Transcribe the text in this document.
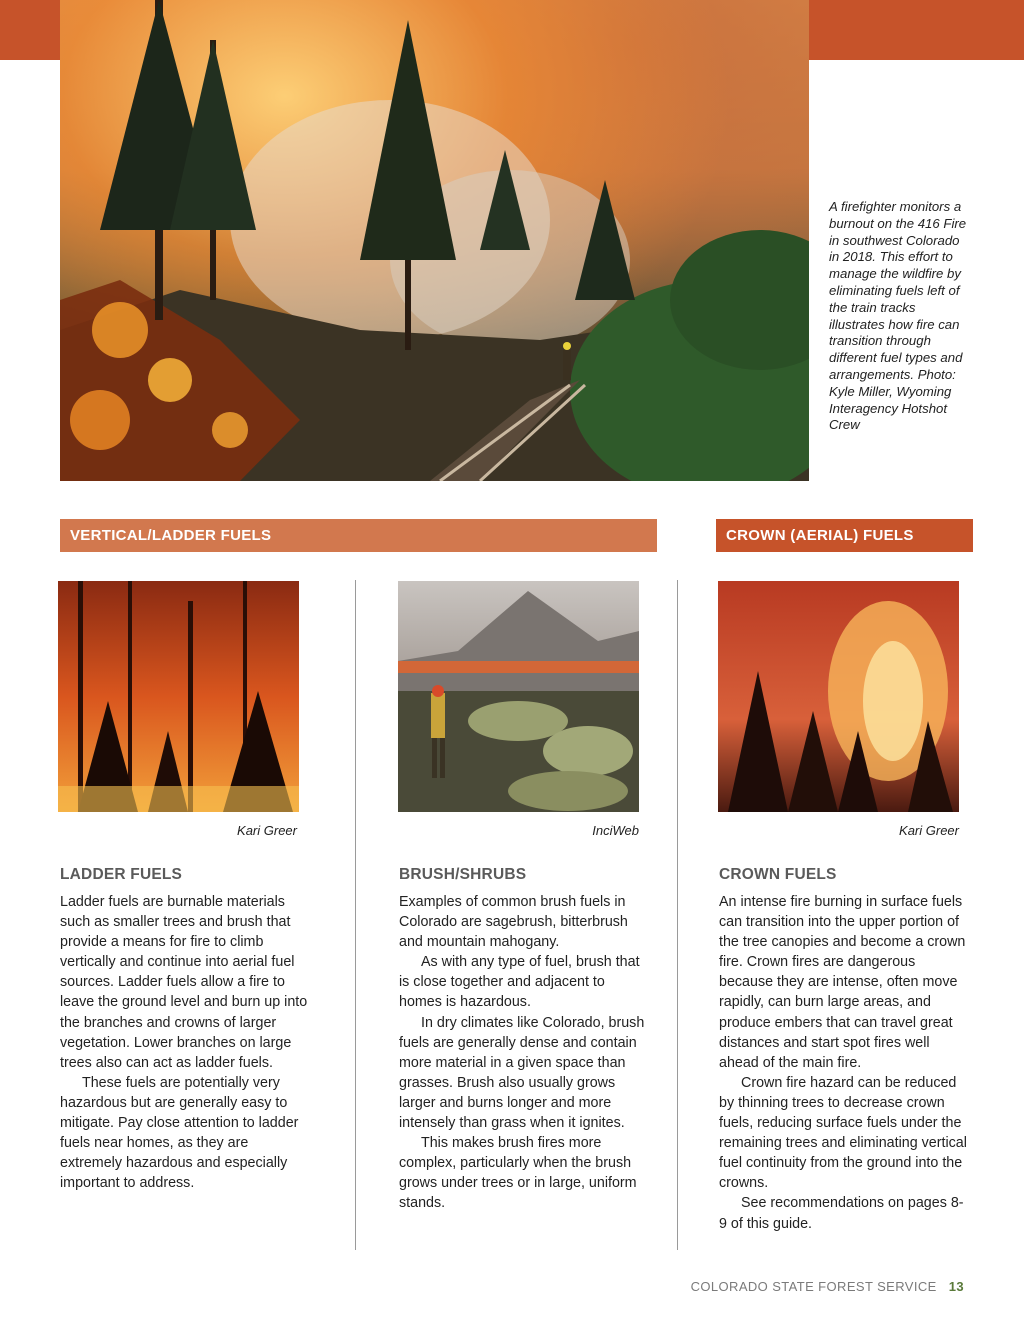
A firefighter monitors a burnout on the 416 Fire in southwest Colorado in 2018. This effort to manage the wildfire by eliminating fuels left of the train tracks illustrates how fire can transition through different fuel types and arrangements. Photo: Kyle Miller, Wyoming Interagency Hotshot Crew
VERTICAL/LADDER FUELS	CROWN (AERIAL) FUELS
Kari Greer
LADDER FUELS

Ladder fuels are burnable materials such as smaller trees and brush that provide a means for fire to climb vertically and continue into aerial fuel sources. Ladder fuels allow a fire to leave the ground level and burn up into the branches and crowns of larger vegetation. Lower branches on large trees also can act as ladder fuels.

These fuels are potentially very hazardous but are generally easy to mitigate. Pay close attention to ladder fuels near homes, as they are extremely hazardous and especially important to address.

InciWeb
BRUSH/SHRUBS

Examples of common brush fuels in Colorado are sagebrush, bitterbrush and mountain mahogany.

As with any type of fuel, brush that is close together and adjacent to homes is hazardous.

In dry climates like Colorado, brush fuels are generally dense and contain more material in a given space than grasses. Brush also usually grows larger and burns longer and more intensely than grass when it ignites.

This makes brush fires more complex, particularly when the brush grows under trees or in large, uniform stands.

Kari Greer
CROWN FUELS

An intense fire burning in surface fuels can transition into the upper portion of the tree canopies and become a crown fire. Crown fires are dangerous because they are intense, often move rapidly, can burn large areas, and produce embers that can travel great distances and start spot fires well ahead of the main fire.

Crown fire hazard can be reduced by thinning trees to decrease crown fuels, reducing surface fuels under the remaining trees and eliminating vertical fuel continuity from the ground into the crowns.

See recommendations on pages 8-9 of this guide.

COLORADO STATE FOREST SERVICE 13
